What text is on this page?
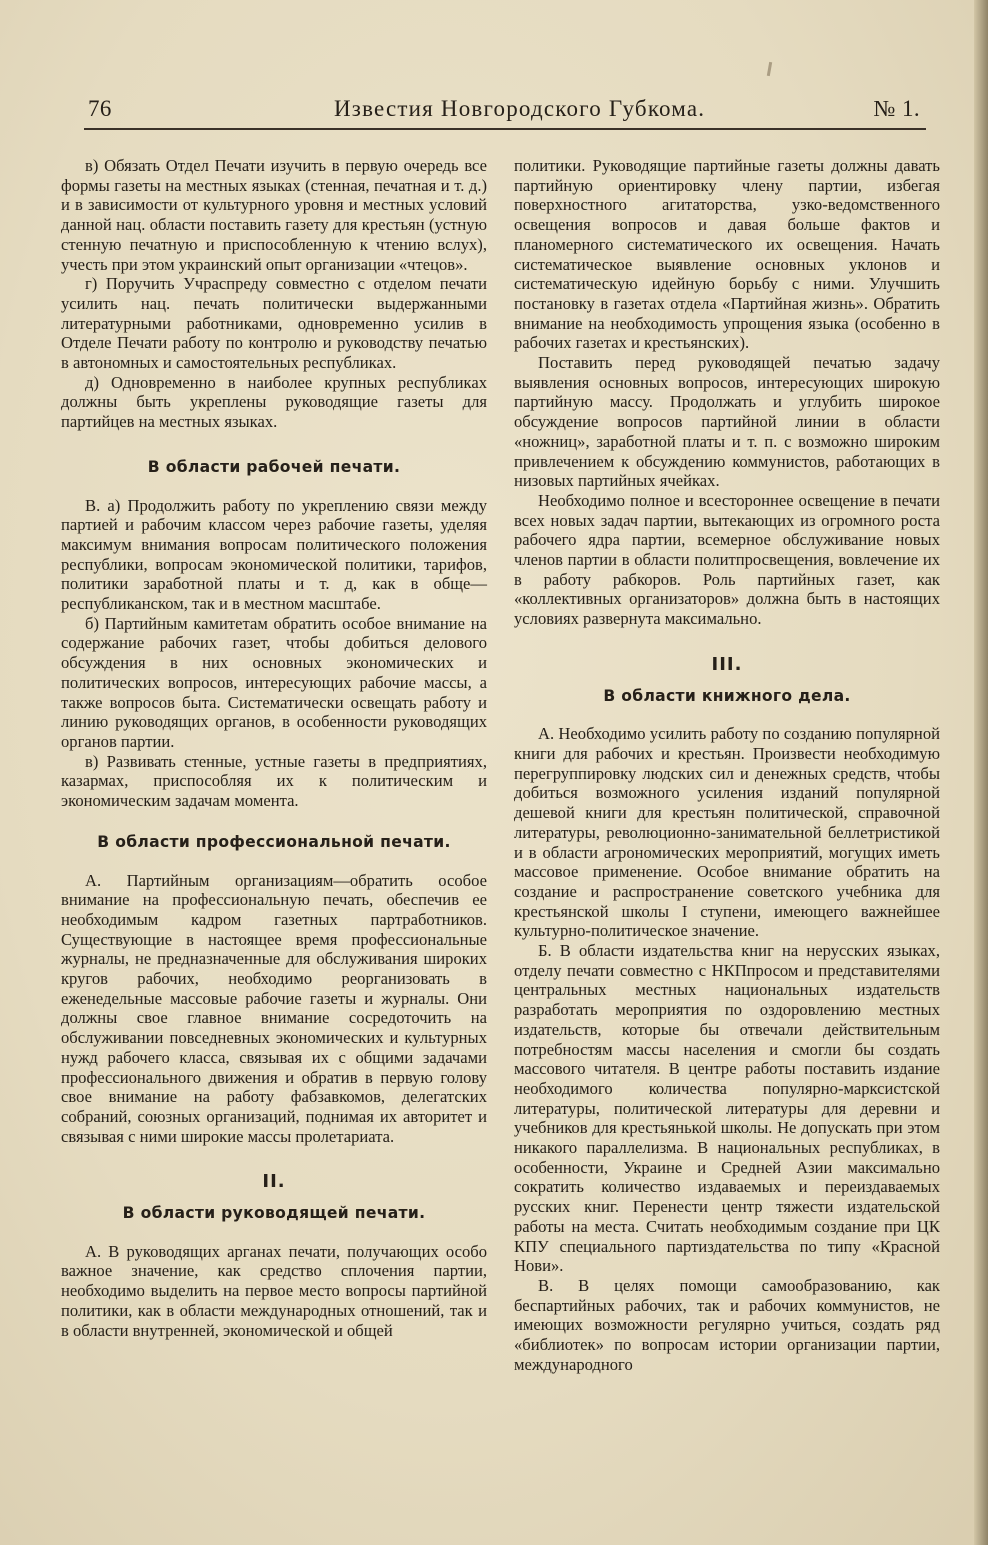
76	Известия Новгородского Губкома.	№ 1.

в) Обязать Отдел Печати изучить в первую очередь все формы газеты на местных языках (стенная, печатная и т. д.) и в зависимости от культурного уровня и местных условий данной нац. области поставить газету для крестьян (устную стенную печатную и приспособленную к чтению вслух), учесть при этом украинский опыт организации «чтецов».

г) Поручить Учраспреду совместно с отделом печати усилить нац. печать политически выдержанными литературными работниками, одновременно усилив в Отделе Печати работу по контролю и руководству печатью в автономных и самостоятельных республиках.

д) Одновременно в наиболее крупных республиках должны быть укреплены руководящие газеты для партийцев на местных языках.

В области рабочей печати.

В. а) Продолжить работу по укреплению связи между партией и рабочим классом через рабочие газеты, уделяя максимум внимания вопросам политического положения республики, вопросам экономической политики, тарифов, политики заработной платы и т. д, как в обще—республиканском, так и в местном масштабе.

б) Партийным камитетам обратить особое внимание на содержание рабочих газет, чтобы добиться делового обсуждения в них основных экономических и политических вопросов, интересующих рабочие массы, а также вопросов быта. Систематически освещать работу и линию руководящих органов, в особенности руководящих органов партии.

в) Развивать стенные, устные газеты в предприятиях, казармах, приспособляя их к политическим и экономическим задачам момента.

В области профессиональной печати.

А. Партийным организациям—обратить особое внимание на профессиональную печать, обеспечив ее необходимым кадром газетных партработников. Существующие в настоящее время профессиональные журналы, не предназначенные для обслуживания широких кругов рабочих, необходимо реорганизовать в еженедельные массовые рабочие газеты и журналы. Они должны свое главное внимание сосредоточить на обслуживании повседневных экономических и культурных нужд рабочего класса, связывая их с общими задачами профессионального движения и обратив в первую голову свое внимание на работу фабзавкомов, делегатских собраний, союзных организаций, поднимая их авторитет и связывая с ними широкие массы пролетариата.

II.
В области руководящей печати.

А. В руководящих арганах печати, получающих особо важное значение, как средство сплочения партии, необходимо выделить на первое место вопросы партийной политики, как в области международных отношений, так и в области внутренней, экономической и общей

политики. Руководящие партийные газеты должны давать партийную ориентировку члену партии, избегая поверхностного агитаторства, узко-ведомственного освещения вопросов и давая больше фактов и планомерного систематического их освещения. Начать систематическое выявление основных уклонов и систематическую идейную борьбу с ними. Улучшить постановку в газетах отдела «Партийная жизнь». Обратить внимание на необходимость упрощения языка (особенно в рабочих газетах и крестьянских).

Поставить перед руководящей печатью задачу выявления основных вопросов, интересующих широкую партийную массу. Продолжать и углубить широкое обсуждение вопросов партийной линии в области «ножниц», заработной платы и т. п. с возможно широким привлечением к обсуждению коммунистов, работающих в низовых партийных ячейках.

Необходимо полное и всестороннее освещение в печати всех новых задач партии, вытекающих из огромного роста рабочего ядра партии, всемерное обслуживание новых членов партии в области политпросвещения, вовлечение их в работу рабкоров. Роль партийных газет, как «коллективных организаторов» должна быть в настоящих условиях развернута максимально.

III.
В области книжного дела.

А. Необходимо усилить работу по созданию популярной книги для рабочих и крестьян. Произвести необходимую перегруппировку людских сил и денежных средств, чтобы добиться возможного усиления изданий популярной дешевой книги для крестьян политической, справочной литературы, революционно-занимательной беллетристикой и в области агрономических мероприятий, могущих иметь массовое применение. Особое внимание обратить на создание и распространение советского учебника для крестьянской школы I ступени, имеющего важнейшее культурно-политическое значение.

Б. В области издательства книг на нерусских языках, отделу печати совместно с НКПпросом и представителями центральных местных национальных издательств разработать мероприятия по оздоровлению местных издательств, которые бы отвечали действительным потребностям массы населения и смогли бы создать массового читателя. В центре работы поставить издание необходимого количества популярно-марксистской литературы, политической литературы для деревни и учебников для крестьянькой школы. Не допускать при этом никакого параллелизма. В национальных республиках, в особенности, Украине и Средней Азии максимально сократить количество издаваемых и переиздаваемых русских книг. Перенести центр тяжести издательской работы на места. Считать необходимым создание при ЦК КПУ специального партиздательства по типу «Красной Нови».

В. В целях помощи самообразованию, как беспартийных рабочих, так и рабочих коммунистов, не имеющих возможности регулярно учиться, создать ряд «библиотек» по вопросам истории организации партии, международного
